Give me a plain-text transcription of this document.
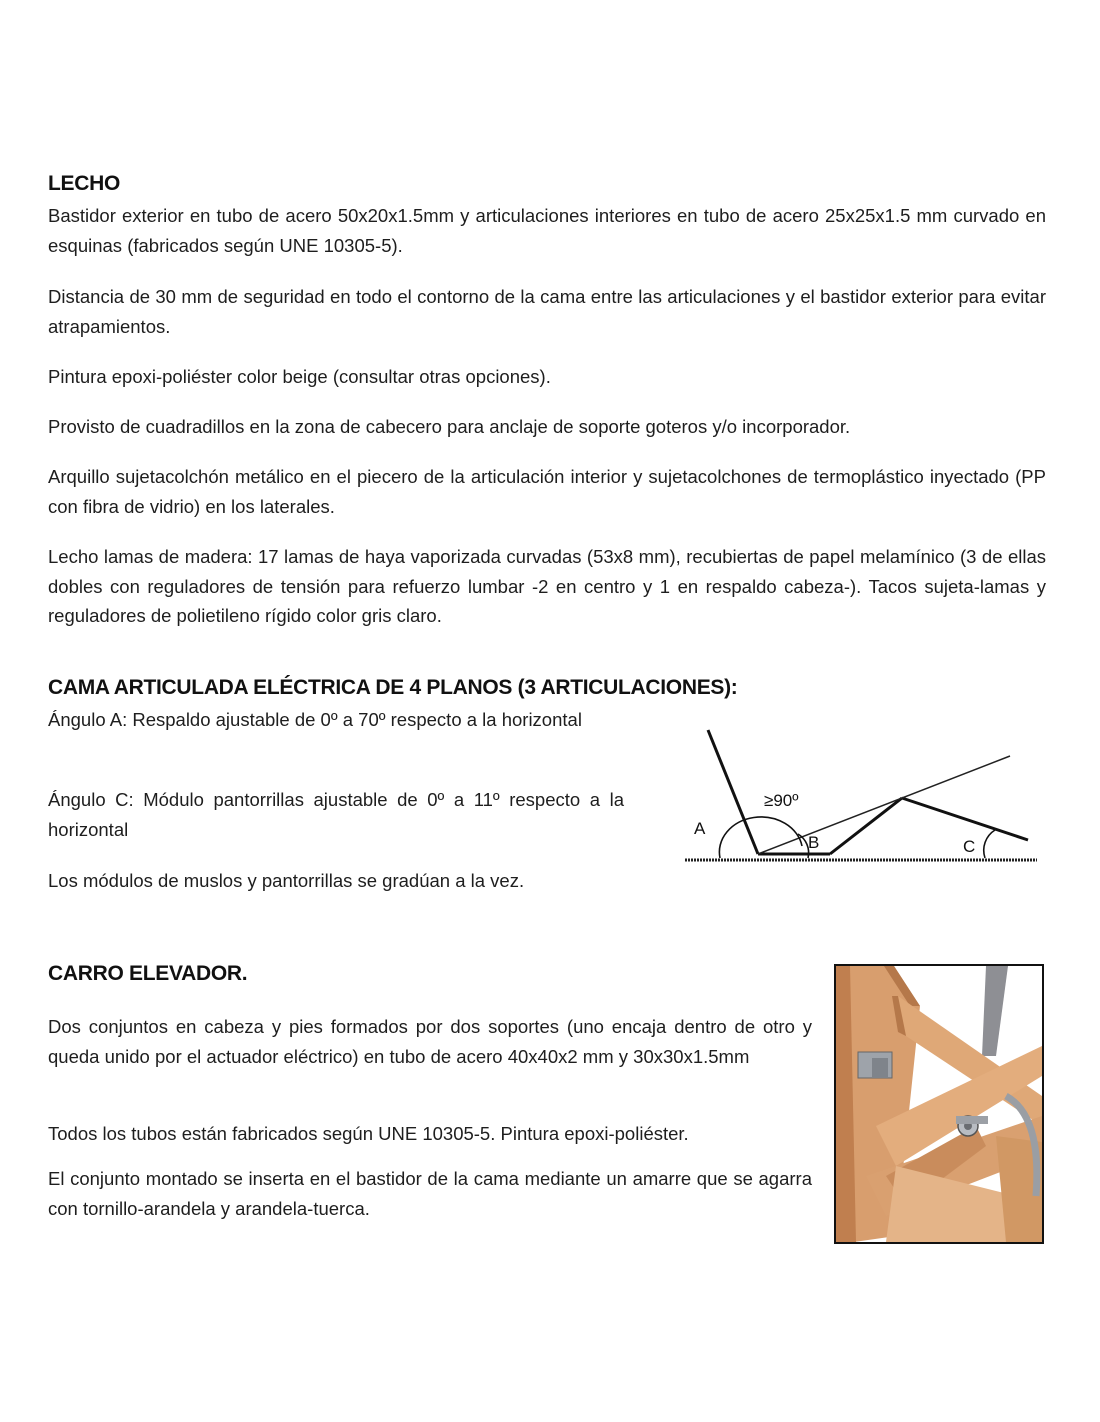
LECHO

Bastidor exterior en tubo de acero 50x20x1.5mm y articulaciones interiores en tubo de acero 25x25x1.5 mm curvado en esquinas (fabricados según UNE 10305-5).

Distancia de 30 mm de seguridad en todo el contorno de la cama entre las articulaciones y el bastidor exterior para evitar atrapamientos.

Pintura epoxi-poliéster color beige (consultar otras opciones).

Provisto de cuadradillos en la zona de cabecero para anclaje de soporte goteros y/o incorporador.

Arquillo sujetacolchón metálico en el piecero de la articulación interior y sujetacolchones de termoplástico inyectado (PP con fibra de vidrio) en los laterales.

Lecho lamas de madera: 17 lamas de haya vaporizada curvadas (53x8 mm), recubiertas de papel melamínico (3 de ellas dobles con reguladores de tensión para refuerzo lumbar -2 en centro y 1 en respaldo cabeza-). Tacos sujeta-lamas y reguladores de polietileno rígido color gris claro.

CAMA ARTICULADA ELÉCTRICA DE 4 PLANOS (3 ARTICULACIONES):

Ángulo A: Respaldo ajustable de 0º a 70º respecto a la horizontal

Ángulo C: Módulo pantorrillas ajustable de 0º a 11º respecto a la horizontal

Los módulos de muslos y pantorrillas se gradúan a la vez.

≥90º
A
B	C
CARRO ELEVADOR.

Dos conjuntos en cabeza y pies formados por dos soportes (uno encaja dentro de otro y queda unido por el actuador eléctrico) en tubo de acero 40x40x2 mm y 30x30x1.5mm

Todos los tubos están fabricados según UNE 10305-5. Pintura epoxi-poliéster.

El conjunto montado se inserta en el bastidor de la cama mediante un amarre que se agarra con tornillo-arandela y arandela-tuerca.
